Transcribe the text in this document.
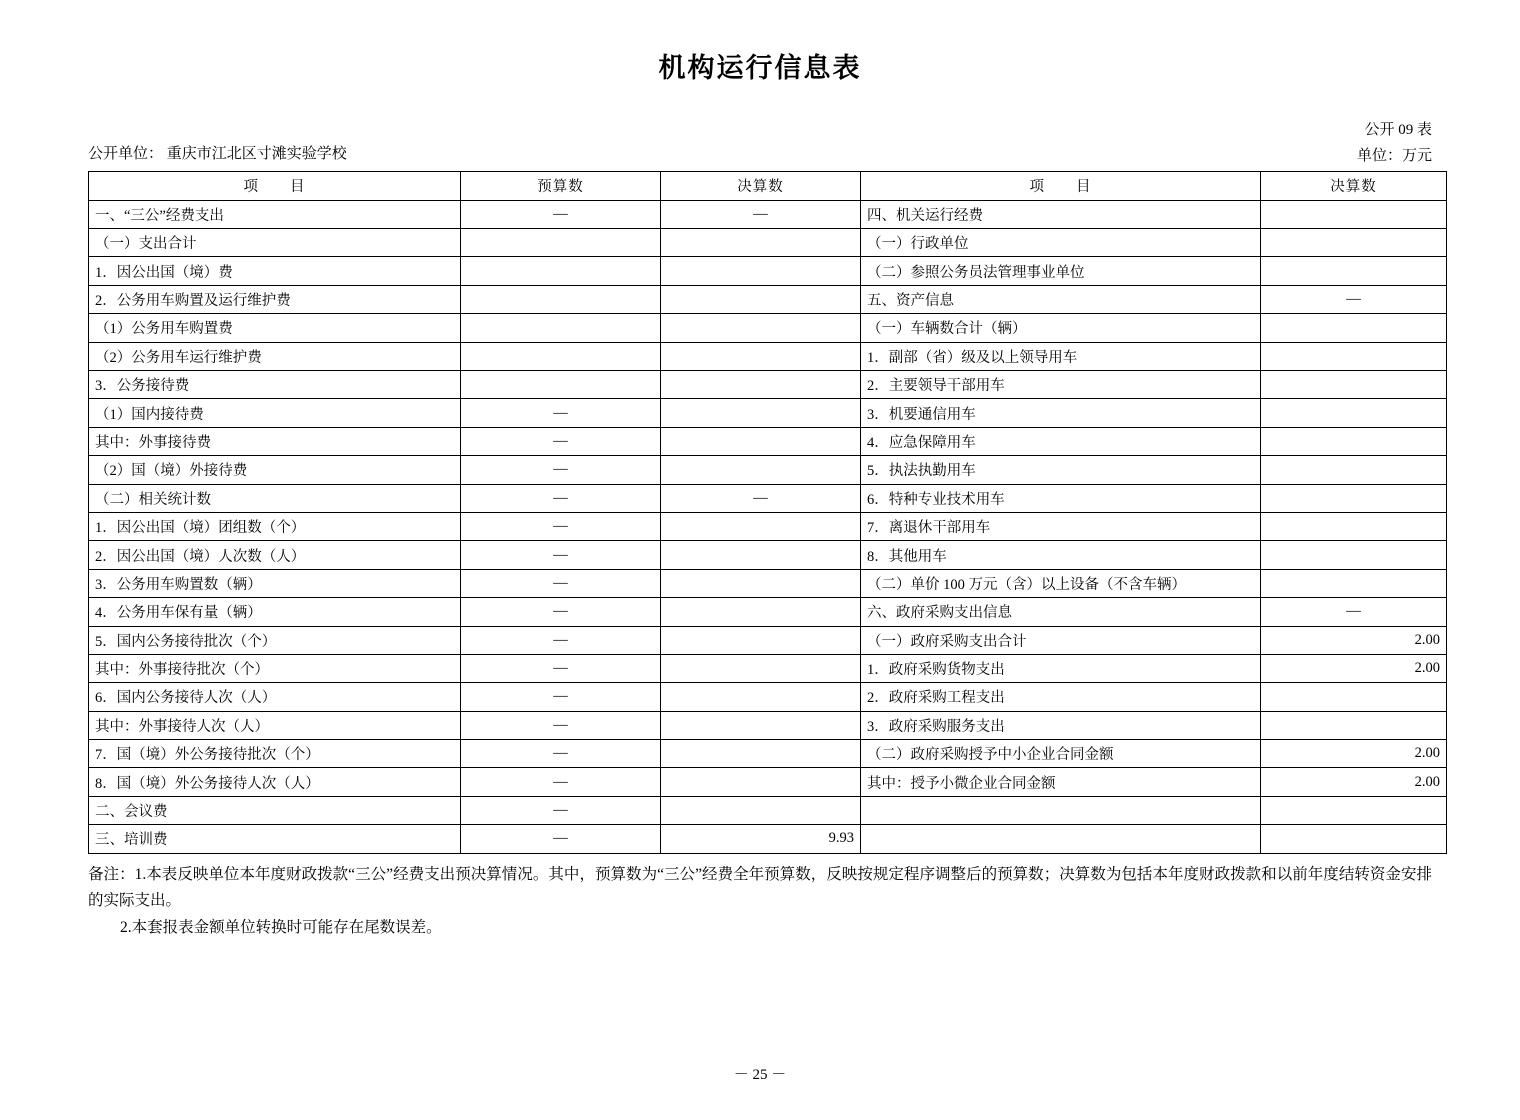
机构运行信息表
公开 09 表
公开单位： 重庆市江北区寸滩实验学校	单位：万元
项　　目	预算数	决算数	项　　目	决算数
一、“三公”经费支出	—	—	四、机关运行经费	
（一）支出合计			（一）行政单位	
1．因公出国（境）费			（二）参照公务员法管理事业单位	
2．公务用车购置及运行维护费			五、资产信息	—
（1）公务用车购置费			（一）车辆数合计（辆）	
（2）公务用车运行维护费			1．副部（省）级及以上领导用车	
3．公务接待费			2．主要领导干部用车	
（1）国内接待费	—		3．机要通信用车	
其中：外事接待费	—		4．应急保障用车	
（2）国（境）外接待费	—		5．执法执勤用车	
（二）相关统计数	—	—	6．特种专业技术用车	
1．因公出国（境）团组数（个）	—		7．离退休干部用车	
2．因公出国（境）人次数（人）	—		8．其他用车	
3．公务用车购置数（辆）	—		（二）单价 100 万元（含）以上设备（不含车辆）	
4．公务用车保有量（辆）	—		六、政府采购支出信息	—
5．国内公务接待批次（个）	—		（一）政府采购支出合计	2.00
其中：外事接待批次（个）	—		1．政府采购货物支出	2.00
6．国内公务接待人次（人）	—		2．政府采购工程支出	
其中：外事接待人次（人）	—		3．政府采购服务支出	
7．国（境）外公务接待批次（个）	—		（二）政府采购授予中小企业合同金额	2.00
8．国（境）外公务接待人次（人）	—		其中：授予小微企业合同金额	2.00
二、会议费	—			
三、培训费	—	9.93		

备注：1.本表反映单位本年度财政拨款“三公”经费支出预决算情况。其中，预算数为“三公”经费全年预算数，反映按规定程序调整后的预算数；决算数为包括本年度财政拨款和以前年度结转资金安排的实际支出。

2.本套报表金额单位转换时可能存在尾数误差。

－ 25 －
